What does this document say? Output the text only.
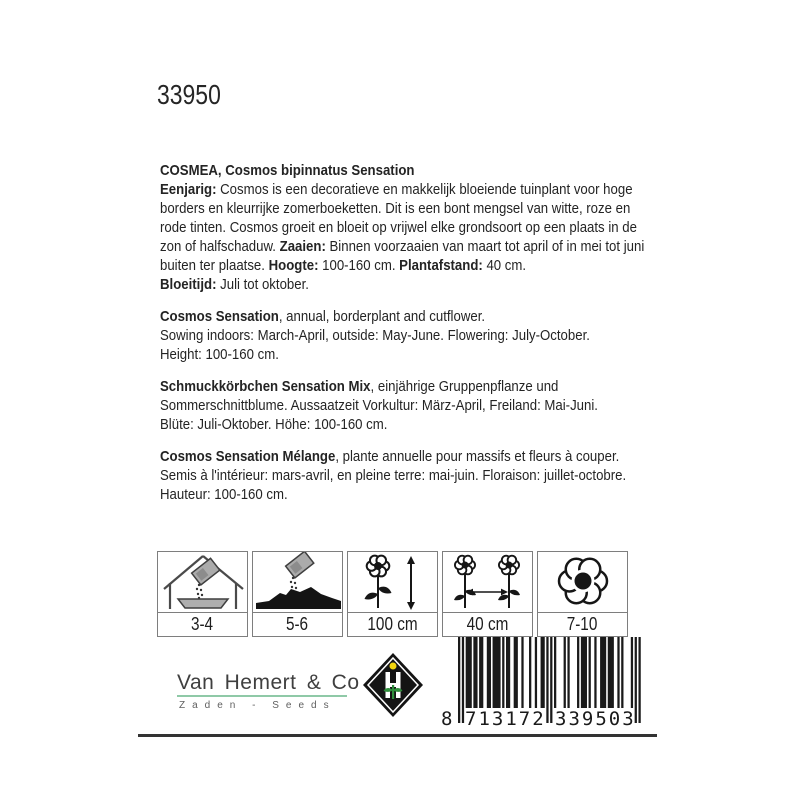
33950
COSMEA, Cosmos bipinnatus Sensation
Eenjarig: Cosmos is een decoratieve en makkelijk bloeiende tuinplant voor hoge
borders en kleurrijke zomerboeketten. Dit is een bont mengsel van witte, roze en
rode tinten. Cosmos groeit en bloeit op vrijwel elke grondsoort op een plaats in de
zon of halfschaduw. Zaaien: Binnen voorzaaien van maart tot april of in mei tot juni
buiten ter plaatse. Hoogte: 100-160 cm. Plantafstand: 40 cm.
Bloeitijd: Juli tot oktober.
Cosmos Sensation, annual, borderplant and cutflower.
Sowing indoors: March-April, outside: May-June. Flowering: July-October.
Height: 100-160 cm.
Schmuckkörbchen Sensation Mix, einjährige Gruppenpflanze und
Sommerschnittblume. Aussaatzeit Vorkultur: März-April, Freiland: Mai-Juni.
Blüte: Juli-Oktober. Höhe: 100-160 cm.
Cosmos Sensation Mélange, plante annuelle pour massifs et fleurs à couper.
Semis à l'intérieur: mars-avril, en pleine terre: mai-juin. Floraison: juillet-octobre.
Hauteur: 100-160 cm.
3-4	5-6	100 cm	40 cm	7-10
Van Hemert & Co
Zaden - Seeds
8 713172 339503
